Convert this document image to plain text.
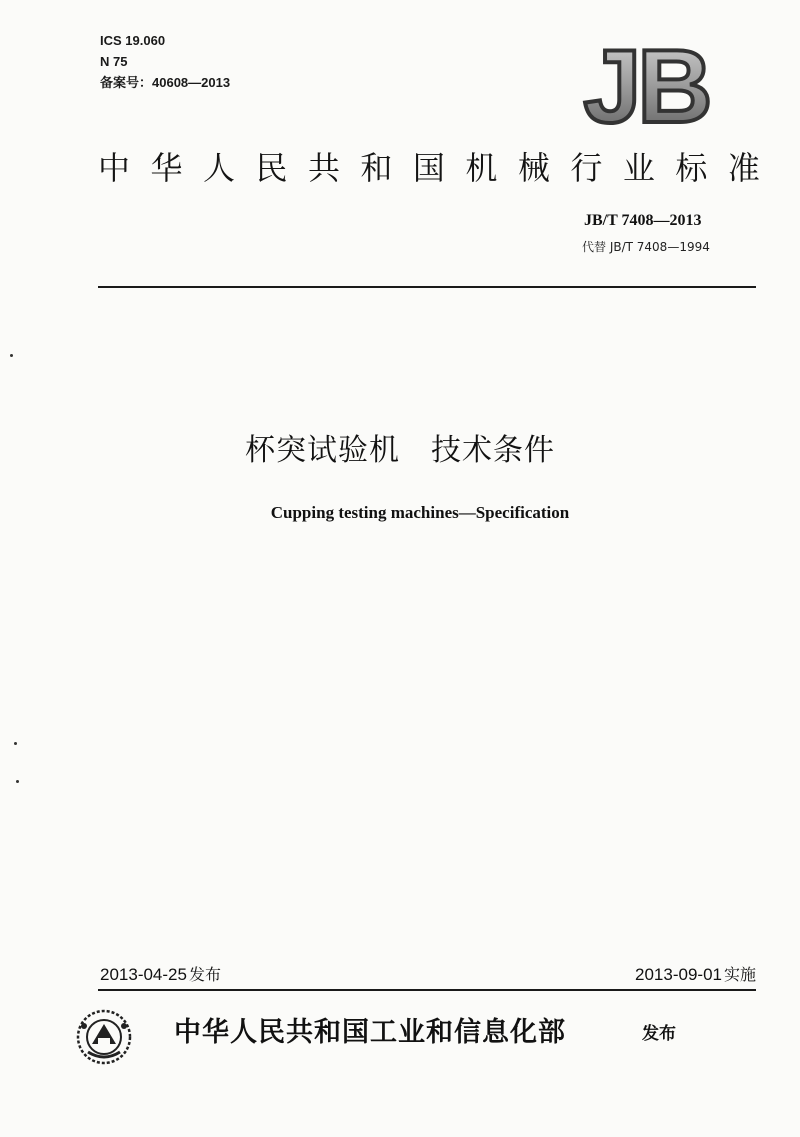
ICS 19.060
N 75
备案号：40608—2013	JB
中 华 人 民 共 和 国 机 械 行 业 标 准
JB/T 7408—2013
代替 JB/T 7408—1994
杯突试验机　技术条件
Cupping testing machines—Specification
2013-04-25 发布	2013-09-01 实施
中华人民共和国工业和信息化部	发布
